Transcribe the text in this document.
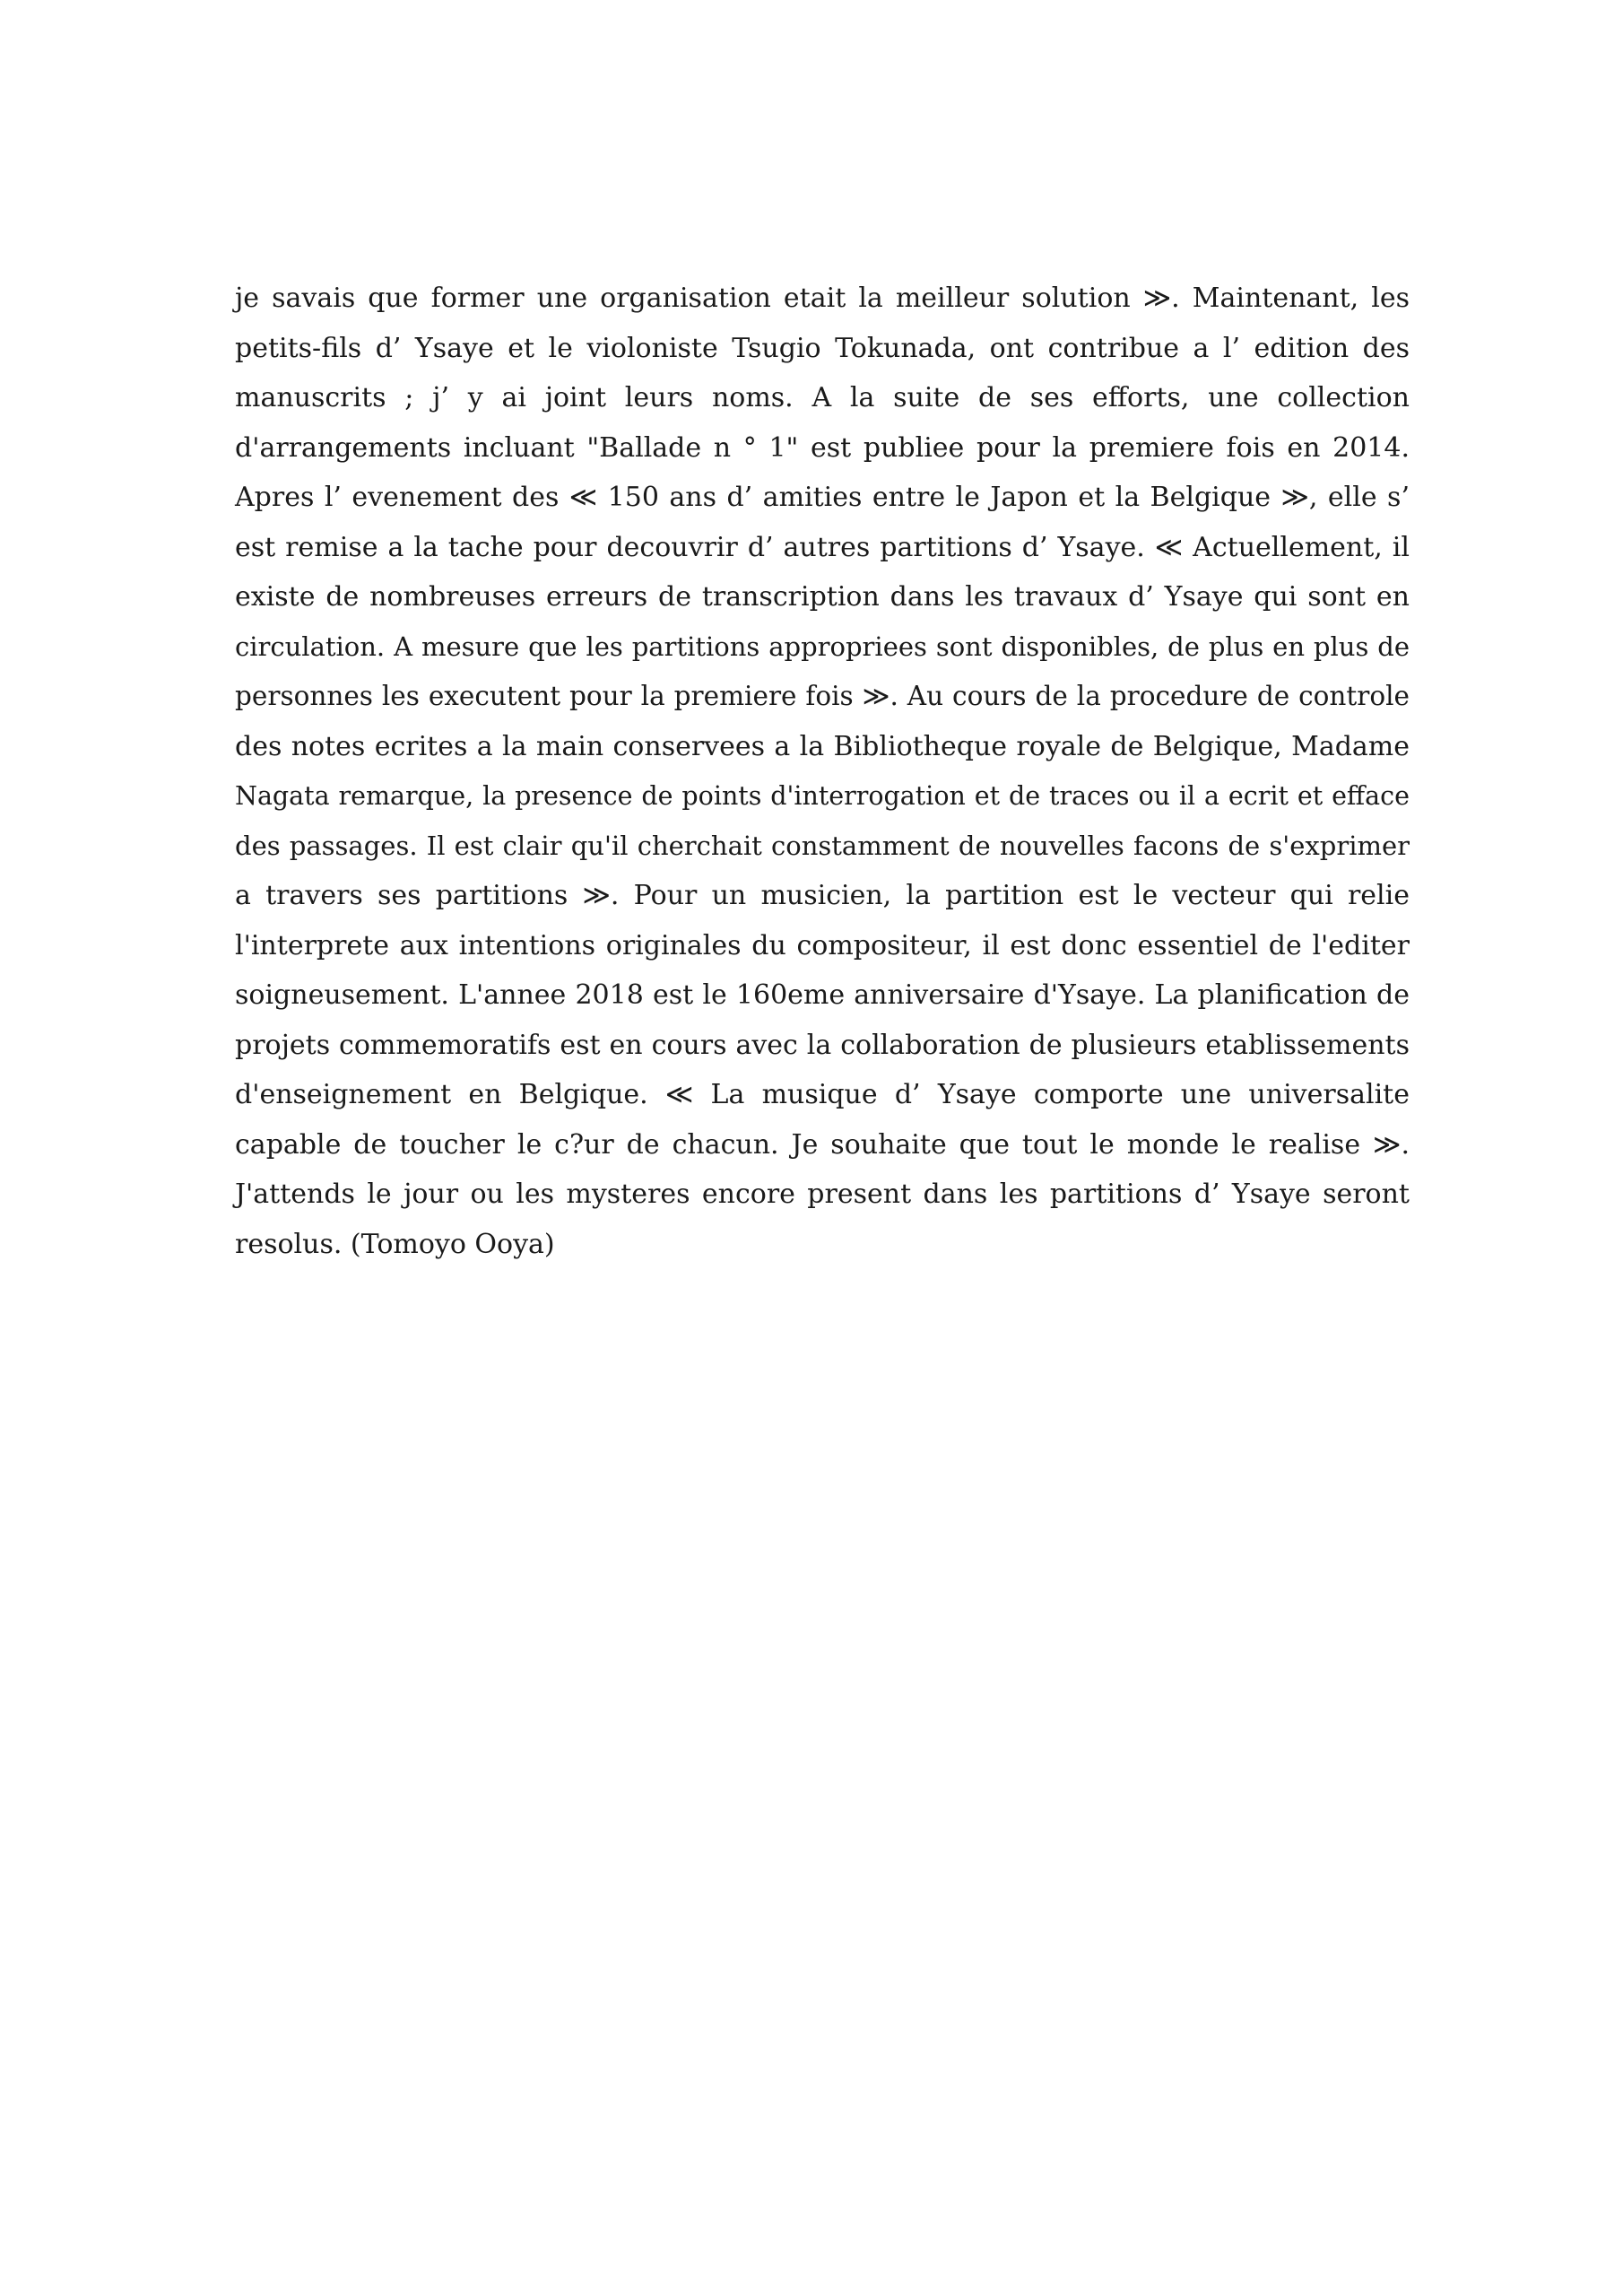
je savais que former une organisation etait la meilleur solution ≫. Maintenant, les
petits-fils d’ Ysaye et le violoniste Tsugio Tokunada, ont contribue a l’ edition des
manuscrits ; j’ y ai joint leurs noms. A la suite de ses efforts, une collection
d'arrangements incluant "Ballade n ° 1" est publiee pour la premiere fois en 2014.
Apres l’ evenement des ≪ 150 ans d’ amities entre le Japon et la Belgique ≫, elle s’
est remise a la tache pour decouvrir d’ autres partitions d’ Ysaye. ≪ Actuellement, il
existe de nombreuses erreurs de transcription dans les travaux d’ Ysaye qui sont en
circulation. A mesure que les partitions appropriees sont disponibles, de plus en plus de
personnes les executent pour la premiere fois ≫. Au cours de la procedure de controle
des notes ecrites a la main conservees a la Bibliotheque royale de Belgique, Madame
Nagata remarque, la presence de points d'interrogation et de traces ou il a ecrit et efface
des passages. Il est clair qu'il cherchait constamment de nouvelles facons de s'exprimer
a travers ses partitions ≫. Pour un musicien, la partition est le vecteur qui relie
l'interprete aux intentions originales du compositeur, il est donc essentiel de l'editer
soigneusement. L'annee 2018 est le 160eme anniversaire d'Ysaye. La planification de
projets commemoratifs est en cours avec la collaboration de plusieurs etablissements
d'enseignement en Belgique. ≪ La musique d’ Ysaye comporte une universalite
capable de toucher le c?ur de chacun. Je souhaite que tout le monde le realise ≫.
J'attends le jour ou les mysteres encore present dans les partitions d’ Ysaye seront
resolus. (Tomoyo Ooya)
